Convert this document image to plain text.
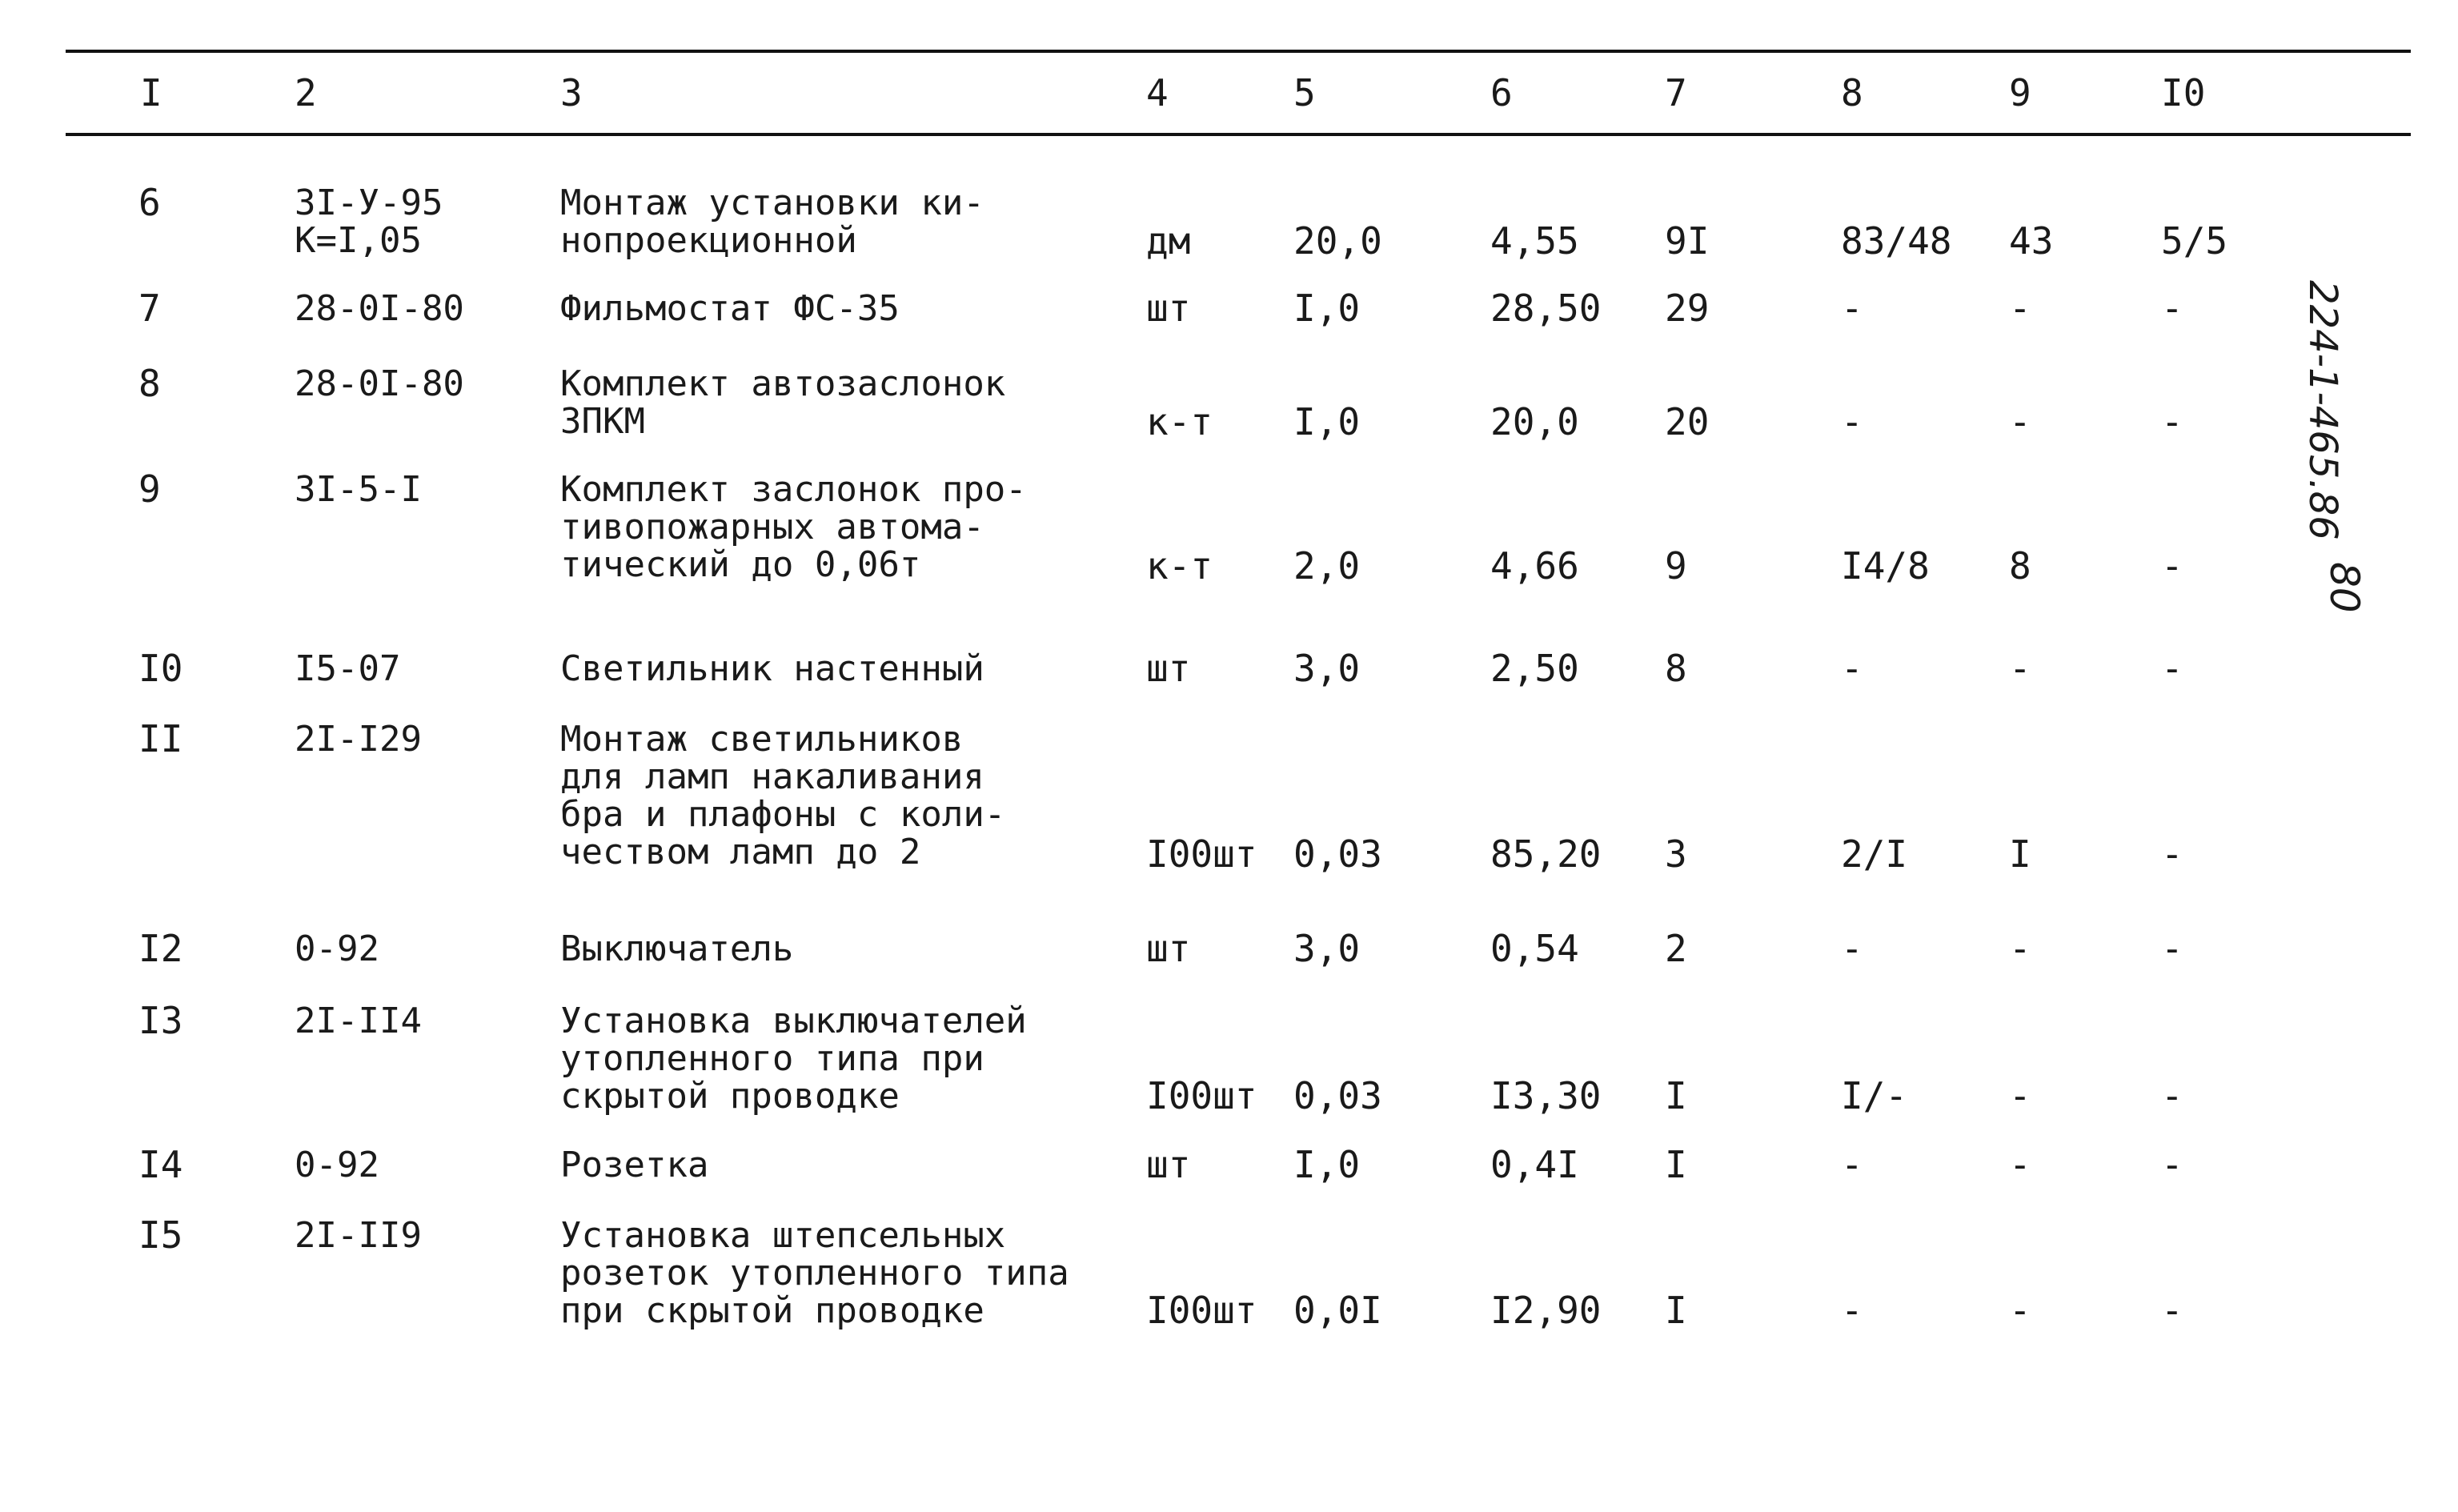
I	2	3	4	5	6	7	8	9	I0
6	3I-У-95
К=I,05
Монтаж установки ки-
нопроекционной	дм	20,0	4,55 9I	83/48 43	5/5
7	28-0I-80	Фильмостат ФС-35	шт	I,0	28,50 29	-	-	-
8	28-0I-80	Комплект автозаслонок
ЗПКМ	к-т I,0	20,0 20	-	-	-
9	3I-5-I	Комплект заслонок про-
тивопожарных автома-
тический до 0,06т	к-т 2,0	4,66 9	I4/8 8	-
I0	I5-07	Светильник настенный	шт	3,0	2,50 8	-	-	-
II	2I-I29	Монтаж светильников
для ламп накаливания
бра и плафоны с коли-
чеством ламп до 2	I00шт 0,03	85,20 3	2/I	I	-
I2	0-92	Выключатель	шт	3,0	0,54 2	-	-	-
I3	2I-II4	Установка выключателей
утопленного типа при
скрытой проводке	I00шт 0,03	I3,30 I	I/-	-	-
I4	0-92	Розетка	шт	I,0	0,4I I	-	-	-
I5	2I-II9	Установка штепсельных
розеток утопленного типа
при скрытой проводке	I00шт 0,0I	I2,90 I	-	-	-
224-1-465.86
80
